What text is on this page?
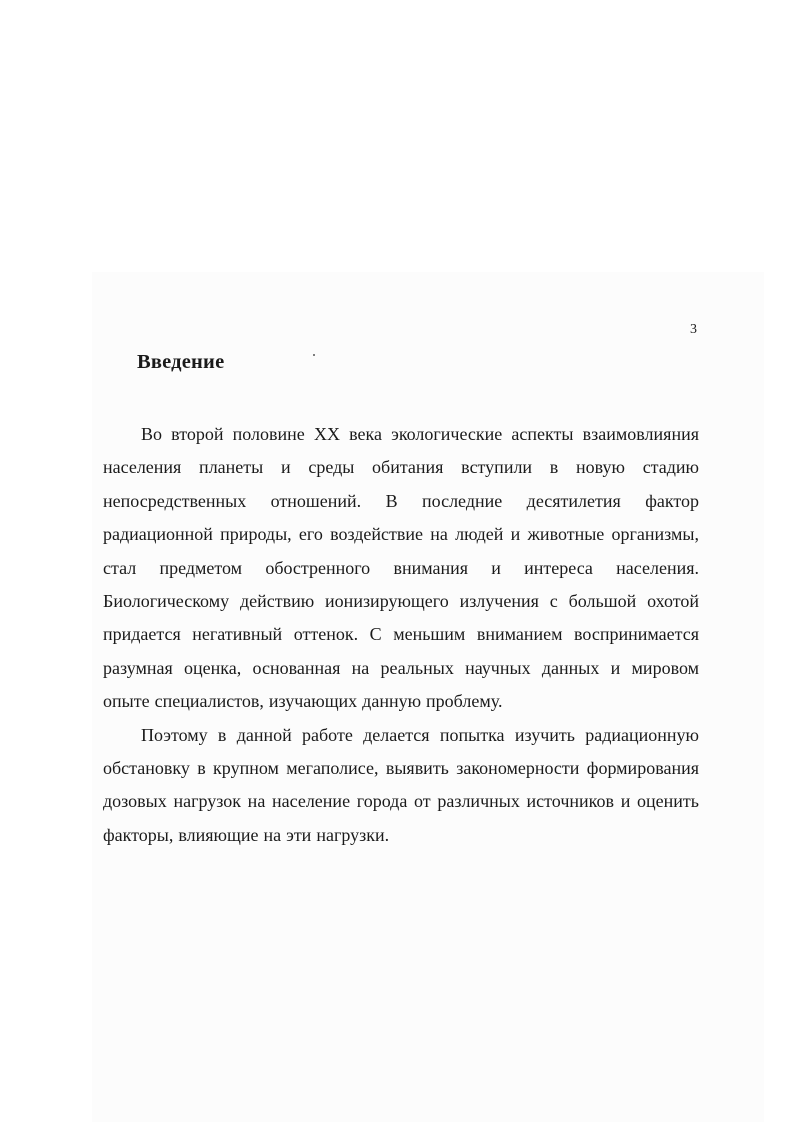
3
Введение

Во второй половине XX века экологические аспекты взаимовлияния населения планеты и среды обитания вступили в новую стадию непосредственных отношений. В последние десятилетия фактор радиационной природы, его воздействие на людей и животные организмы, стал предметом обостренного внимания и интереса населения. Биологическому действию ионизирующего излучения с большой охотой придается негативный оттенок. С меньшим вниманием воспринимается разумная оценка, основанная на реальных научных данных и мировом опыте специалистов, изучающих данную проблему.

Поэтому в данной работе делается попытка изучить радиационную обстановку в крупном мегаполисе, выявить закономерности формирования дозовых нагрузок на население города от различных источников и оценить факторы, влияющие на эти нагрузки.
